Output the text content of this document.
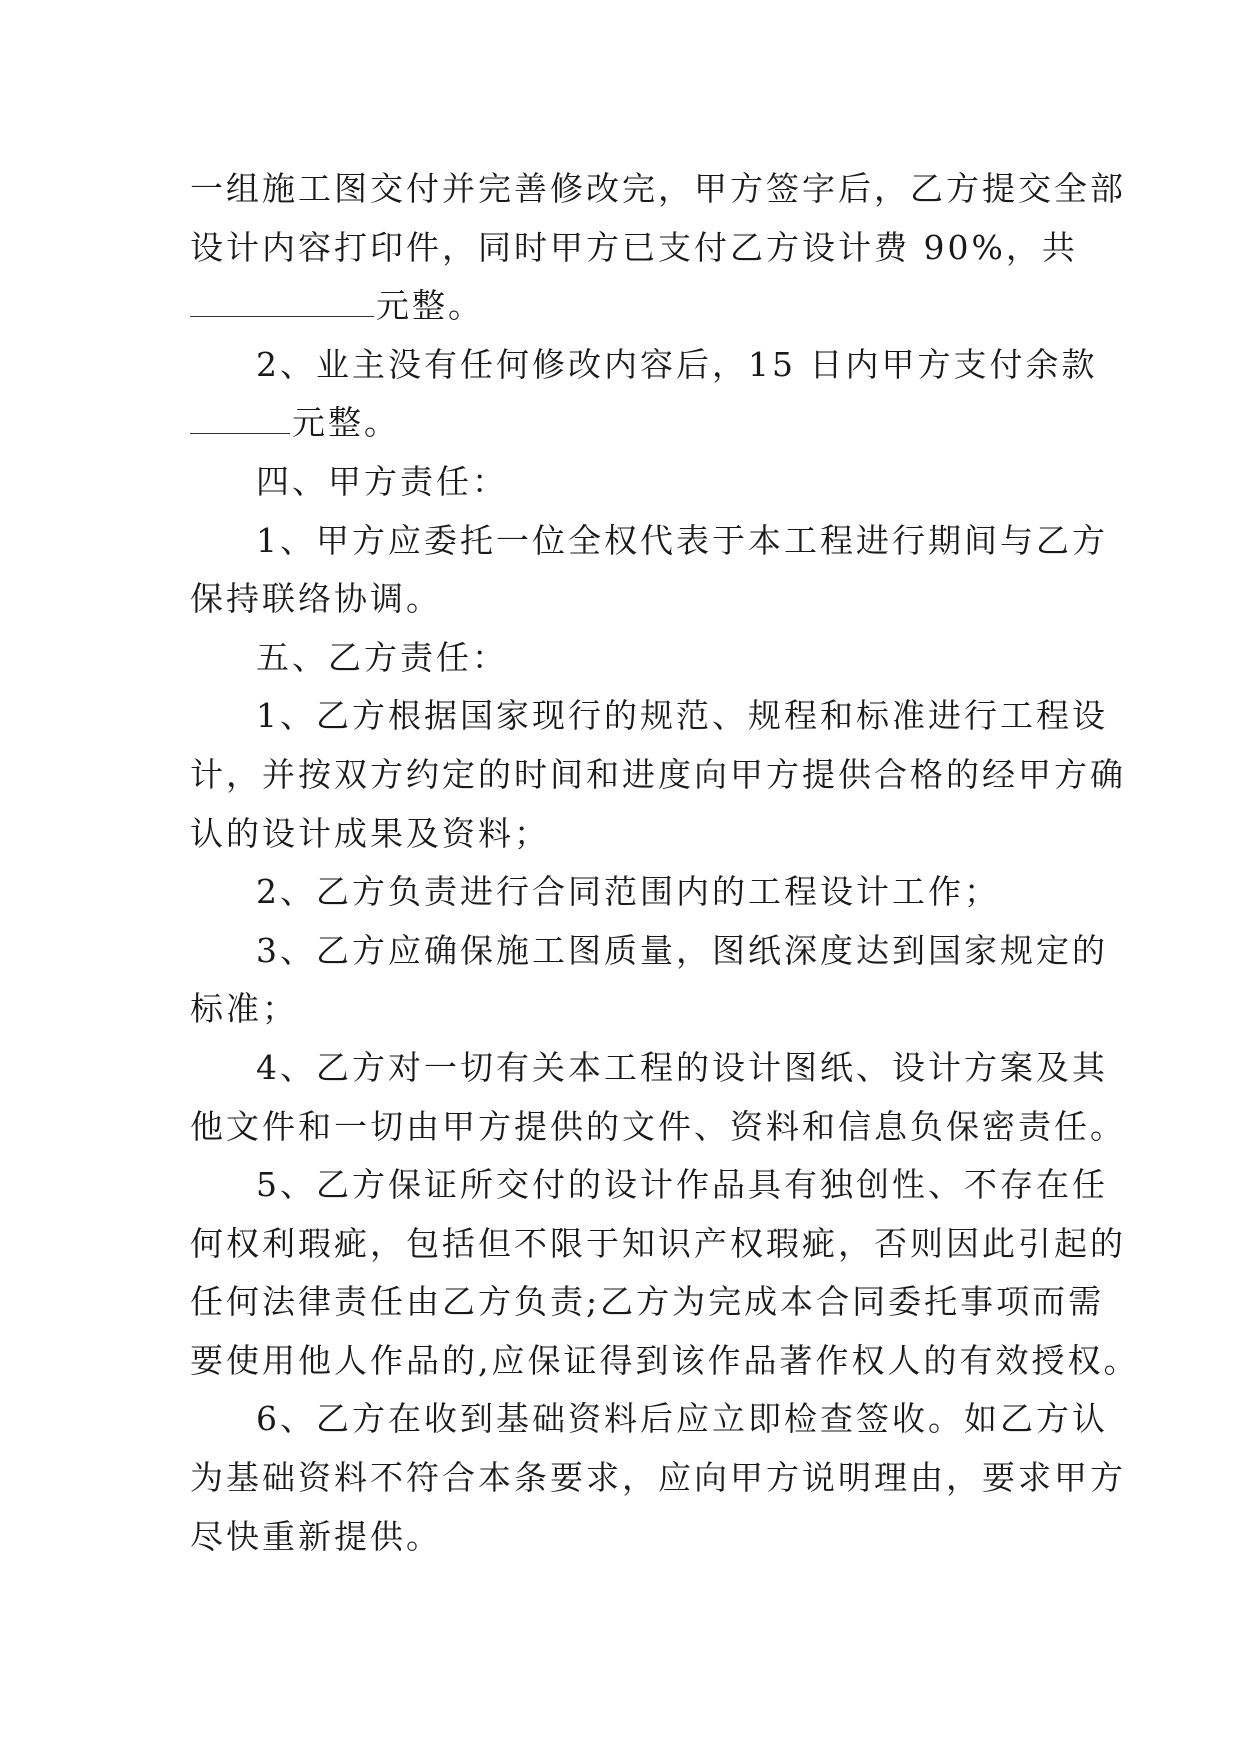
一组施工图交付并完善修改完，甲方签字后，乙方提交全部
设计内容打印件，同时甲方已支付乙方设计费 90%，共
元整。
2、业主没有任何修改内容后，15 日内甲方支付余款
元整。
四、甲方责任：
1、甲方应委托一位全权代表于本工程进行期间与乙方
保持联络协调。
五、乙方责任：
1、乙方根据国家现行的规范、规程和标准进行工程设
计，并按双方约定的时间和进度向甲方提供合格的经甲方确
认的设计成果及资料；
2、乙方负责进行合同范围内的工程设计工作；
3、乙方应确保施工图质量，图纸深度达到国家规定的
标准；
4、乙方对一切有关本工程的设计图纸、设计方案及其
他文件和一切由甲方提供的文件、资料和信息负保密责任。
5、乙方保证所交付的设计作品具有独创性、不存在任
何权利瑕疵，包括但不限于知识产权瑕疵，否则因此引起的
任何法律责任由乙方负责;乙方为完成本合同委托事项而需
要使用他人作品的,应保证得到该作品著作权人的有效授权。
6、乙方在收到基础资料后应立即检查签收。如乙方认
为基础资料不符合本条要求，应向甲方说明理由，要求甲方
尽快重新提供。
